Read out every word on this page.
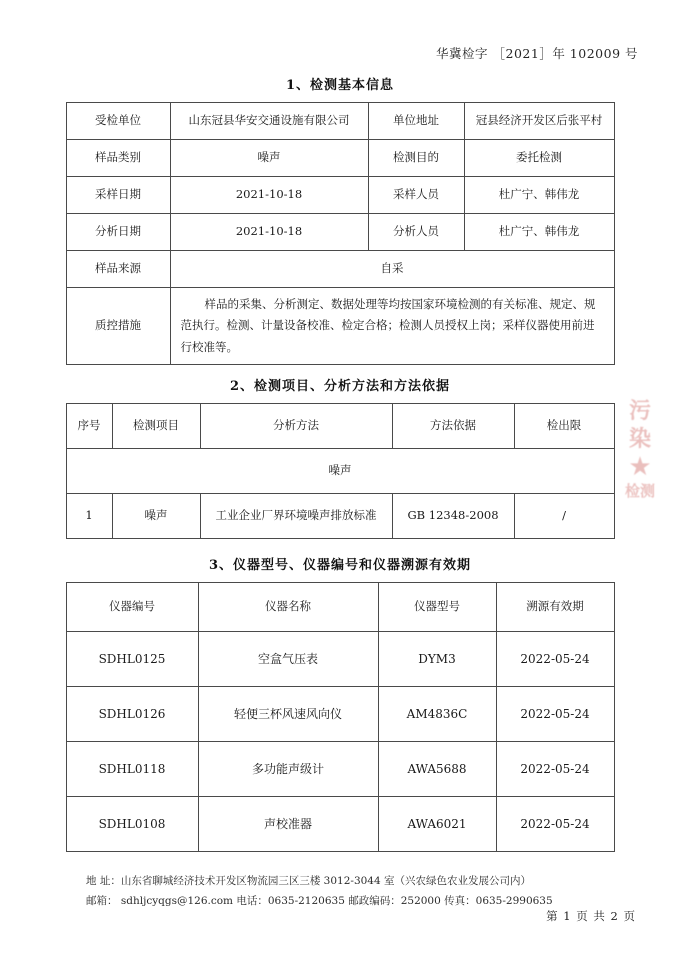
华冀检字 ［2021］年 102009 号
1、检测基本信息
受检单位	山东冠县华安交通设施有限公司	单位地址	冠县经济开发区后张平村
样品类别	噪声	检测目的	委托检测
采样日期	2021-10-18	采样人员	杜广宁、韩伟龙
分析日期	2021-10-18	分析人员	杜广宁、韩伟龙
样品来源	自采		
质控措施	样品的采集、分析测定、数据处理等均按国家环境检测的有关标准、规定、规范执行。检测、计量设备校准、检定合格；检测人员授权上岗；采样仪器使用前进行校准等。		
2、检测项目、分析方法和方法依据
序号	检测项目	分析方法	方法依据	检出限
噪声				
1	噪声	工业企业厂界环境噪声排放标准	GB 12348-2008	/
3、仪器型号、仪器编号和仪器溯源有效期
仪器编号	仪器名称	仪器型号	溯源有效期
SDHL0125	空盒气压表	DYM3	2022-05-24
SDHL0126	轻便三杯风速风向仪	AM4836C	2022-05-24
SDHL0118	多功能声级计	AWA5688	2022-05-24
SDHL0108	声校准器	AWA6021	2022-05-24
污
染
★
检测
地 址：山东省聊城经济技术开发区物流园三区三楼 3012-3044 室（兴农绿色农业发展公司内）
邮箱： sdhljcyqgs@126.com 电话：0635-2120635 邮政编码：252000 传真：0635-2990635
第 1 页 共 2 页
